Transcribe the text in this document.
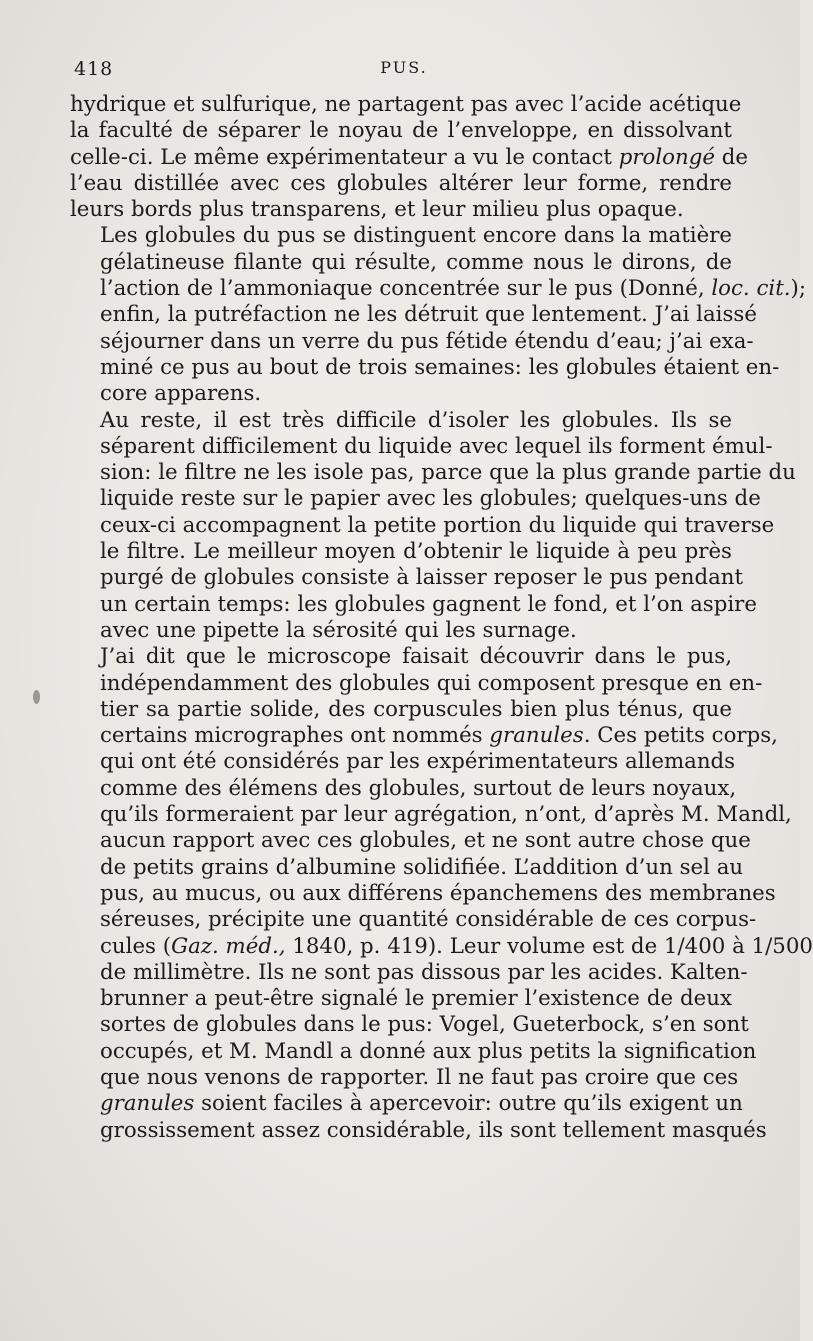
418	PUS.

hydrique et sulfurique, ne partagent pas avec l’acide acétique
la faculté de séparer le noyau de l’enveloppe, en dissolvant
celle-ci. Le même expérimentateur a vu le contact prolongé de
l’eau distillée avec ces globules altérer leur forme, rendre
leurs bords plus transparens, et leur milieu plus opaque.

Les globules du pus se distinguent encore dans la matière
gélatineuse filante qui résulte, comme nous le dirons, de
l’action de l’ammoniaque concentrée sur le pus (Donné, loc. cit.);
enfin, la putréfaction ne les détruit que lentement. J’ai laissé
séjourner dans un verre du pus fétide étendu d’eau; j’ai exa-
miné ce pus au bout de trois semaines: les globules étaient en-
core apparens.

Au reste, il est très difficile d’isoler les globules. Ils se
séparent difficilement du liquide avec lequel ils forment émul-
sion: le filtre ne les isole pas, parce que la plus grande partie du
liquide reste sur le papier avec les globules; quelques-uns de
ceux-ci accompagnent la petite portion du liquide qui traverse
le filtre. Le meilleur moyen d’obtenir le liquide à peu près
purgé de globules consiste à laisser reposer le pus pendant
un certain temps: les globules gagnent le fond, et l’on aspire
avec une pipette la sérosité qui les surnage.

J’ai dit que le microscope faisait découvrir dans le pus,
indépendamment des globules qui composent presque en en-
tier sa partie solide, des corpuscules bien plus ténus, que
certains micrographes ont nommés granules. Ces petits corps,
qui ont été considérés par les expérimentateurs allemands
comme des élémens des globules, surtout de leurs noyaux,
qu’ils formeraient par leur agrégation, n’ont, d’après M. Mandl,
aucun rapport avec ces globules, et ne sont autre chose que
de petits grains d’albumine solidifiée. L’addition d’un sel au
pus, au mucus, ou aux différens épanchemens des membranes
séreuses, précipite une quantité considérable de ces corpus-
cules (Gaz. méd., 1840, p. 419). Leur volume est de 1/400 à 1/500
de millimètre. Ils ne sont pas dissous par les acides. Kalten-
brunner a peut-être signalé le premier l’existence de deux
sortes de globules dans le pus: Vogel, Gueterbock, s’en sont
occupés, et M. Mandl a donné aux plus petits la signification
que nous venons de rapporter. Il ne faut pas croire que ces
granules soient faciles à apercevoir: outre qu’ils exigent un
grossissement assez considérable, ils sont tellement masqués
